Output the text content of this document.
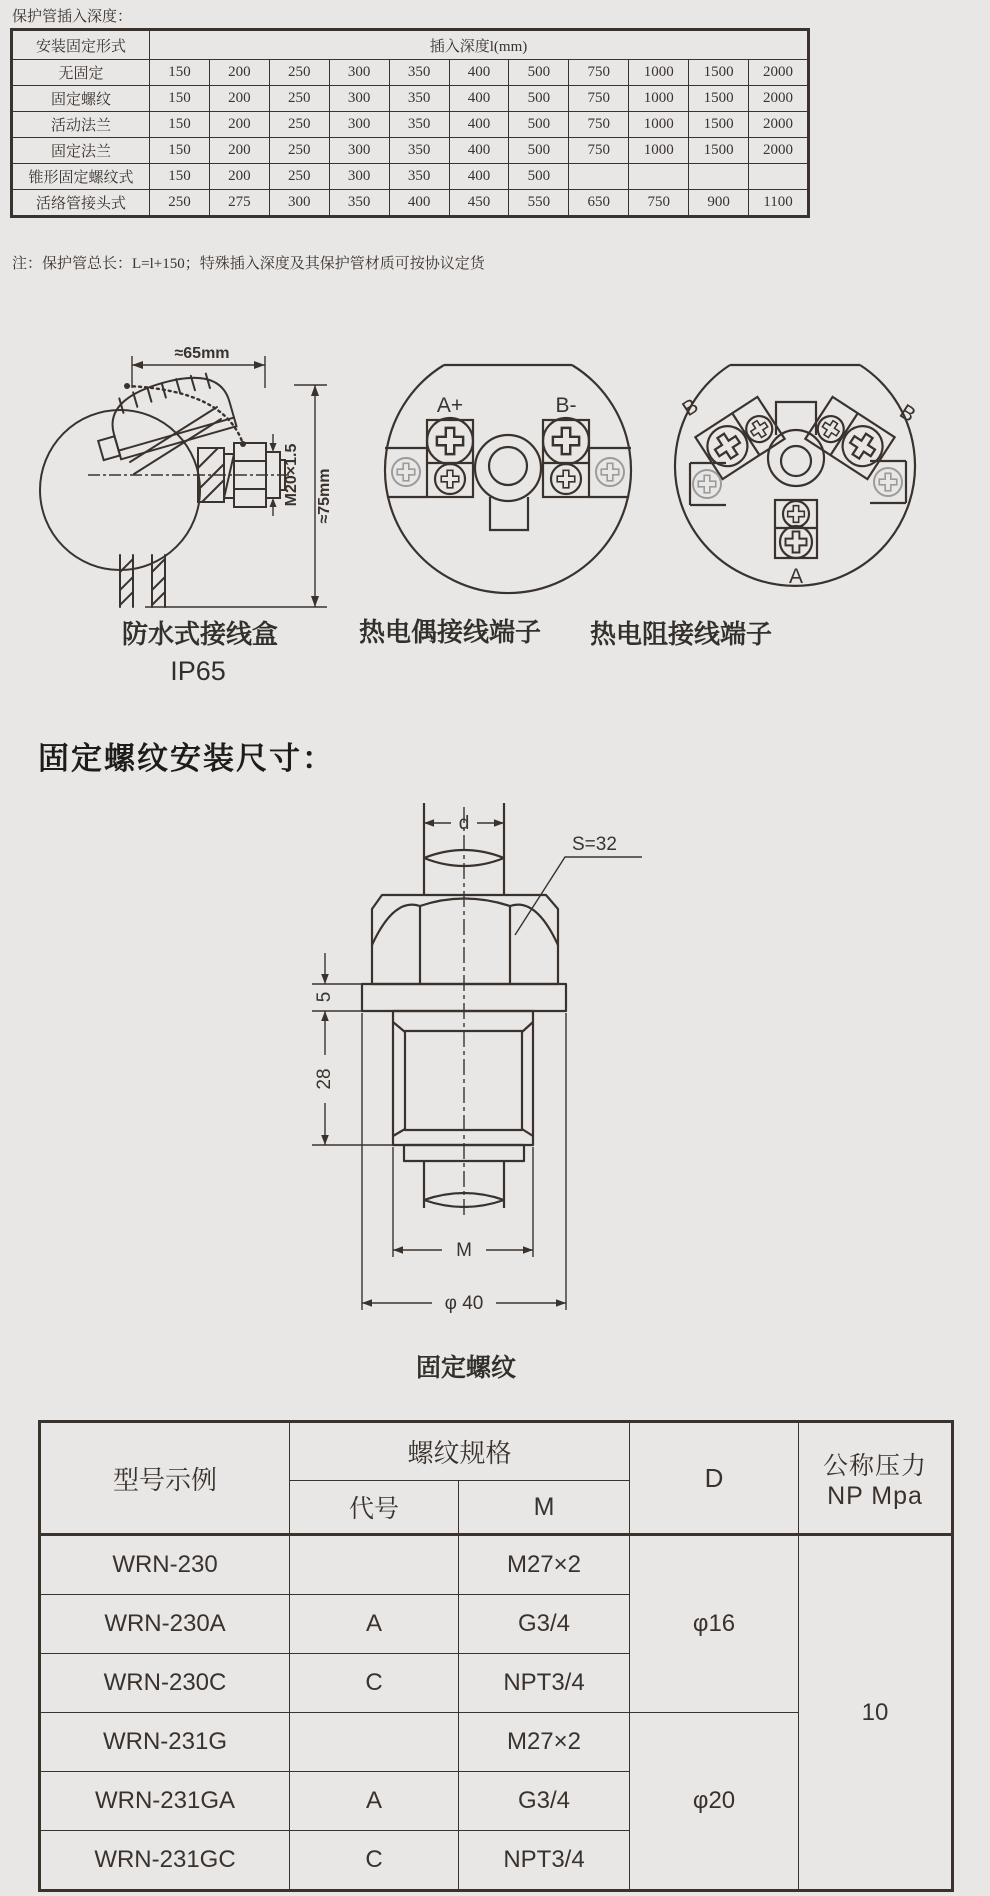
保护管插入深度：
安装固定形式	插入深度l(mm)										
无固定	150	200	250	300	350	400	500	750	1000	1500	2000
固定螺纹	150	200	250	300	350	400	500	750	1000	1500	2000
活动法兰	150	200	250	300	350	400	500	750	1000	1500	2000
固定法兰	150	200	250	300	350	400	500	750	1000	1500	2000
锥形固定螺纹式	150	200	250	300	350	400	500				
活络管接头式	250	275	300	350	400	450	550	650	750	900	1100
注：保护管总长：L=l+150；特殊插入深度及其保护管材质可按协议定货
≈65mm
M20×1.5 ≈75mm
A+	B-	B	B
A
防水式接线盒
IP65
热电偶接线端子 热电阻接线端子
固定螺纹安装尺寸：
d
S=32
5
28
M
φ 40
固定螺纹
型号示例	螺纹规格		D	公称压力
NP Mpa

	代号	M		
WRN-230		M27×2	φ16	10
WRN-230A	A	G3/4		
WRN-230C	C	NPT3/4		
WRN-231G		M27×2	φ20	
WRN-231GA	A	G3/4		
WRN-231GC	C	NPT3/4		
